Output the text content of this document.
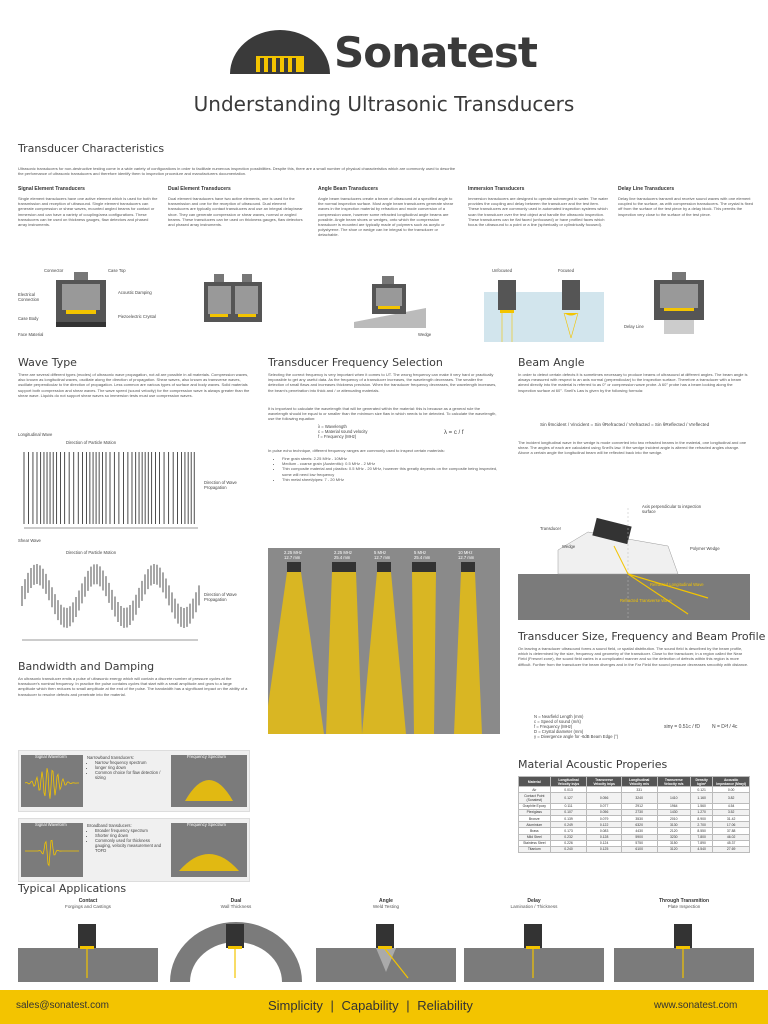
Sonatest
Understanding Ultrasonic Transducers
Transducer Characteristics
Ultrasonic transducers for non-destructive testing come in a wide variety of configurations in order to facilitate numerous inspection possibilities. Despite this, there are a small number of physical characteristics which are commonly used to describe the performance of ultrasonic transducers and therefore identify them to inspection procedure and manufacturers documentation.
Connector	Case Top
Electrical Connection
Acoustic Damping
Case Body	Piezoelectric Crystal
Face Material	Wedge
Unfocused	Focused
Delay Line
Wave Type
There are several different types (modes) of ultrasonic wave propagation, not all are possible in all materials. Compression waves, also known as longitudinal waves, oscillate along the direction of propagation. Shear waves, also known as transverse waves, oscillate perpendicular to the direction of propagation. Less common are various types of surface and body waves. Solid materials support both compression and shear waves. The wave speed (sound velocity) for the compression wave is always greater than the shear wave. Liquids do not support shear waves so immersion tests must use compression waves.
Longitudinal Wave
Direction of Particle Motion
Direction of Wave Propagation
Shear Wave
Direction of Particle Motion
Direction of Wave Propagation
Bandwidth and Damping
An ultrasonic transducer emits a pulse of ultrasonic energy which will contain a discrete number of pressure cycles at the transducer's nominal frequency. In practice the pulse contains cycles that start with a small amplitude and grow to a large amplitude which then reduces to small amplitude at the end of the pulse. The bandwidth has a significant impact on the ability of a transducer to resolve defects and penetrate into the material.
Signal Waveform	Narrowband transducers:
• Narrow frequency spectrum
• longer ring down
• Common choice for flaw detection / sizing
Frequency Spectrum
Signal Waveform	Broadband transducers:
• Broader frequency spectrum
• Shorter ring down
• Commonly used for thickness gauging, velocity measurement and TOFD
Frequency Spectrum
Transducer Frequency Selection
Selecting the correct frequency is very important when it comes to UT. The wrong frequency can make it very hard or practically impossible to get any useful data. As the frequency of a transducer increases, the wavelength decreases. The smaller the detection of small flaws and increases thickness precision. When the transducer frequency decreases, the wavelength increases, the beam's penetration into thick and / or attenuating materials.
It is important to calculate the wavelength that will be generated within the material: this is because as a general rule the wavelength should be equal to or smaller than the minimum size flaw in which needs to be detected. To calculate the wavelength, use the following equation:
λ = Wavelength
c = Material sound velocity
f = Frequency (MHz)
λ = c / f
In pulse echo technique, different frequency ranges are commonly used to inspect certain materials:
• Fine grain steels: 2.25 MHz - 10MHz
• Medium - coarse grain (Austenitic): 0.5 MHz - 2 MHz
• Thin composite material and plastics: 0.5 MHz - 20 MHz, however this greatly depends on the composite being inspected, some will need low frequency
• Thin metal sheet/pipes: 7 - 20 MHz
2.25 MHz
12.7 mm
2.25 MHz
25.4 mm
5 MHz
12.7 mm
5 MHz
25.4 mm
10 MHz
12.7 mm
Beam Angle
In order to detect certain defects it is sometimes necessary to produce beams of ultrasound at different angles. The beam angle is always measured with respect to an axis normal (perpendicular) to the inspection surface. Therefore a transducer with a beam aimed directly into the material is referred to as 0° or compression wave probe. A 60° probe has a beam looking along the inspection surface at 60°. Snell's Law is given by the following formula:
Sin θIncident / Vincident = Sin θRefracted / Vrefracted = Sin θReflected / Vreflected
The incident longitudinal wave in the wedge is mode converted into two refracted beams in the material, one longitudinal and one shear. The angles of each are calculated using Snell's law. If the wedge incident angle is altered the refracted angles change. Above a certain angle the longitudinal beam will be reflected back into the wedge.
Axis perpendicular to inspection surface
Transducer
Wedge	Polymer Wedge
Refracted Longitudinal Wave
Refracted Transverse Wave
Transducer Size, Frequency and Beam Profile
On leaving a transducer ultrasound forms a sound field, or spatial distribution. The sound field is described by the beam profile, which is determined by the size, frequency and geometry of the transducer. Close to the transducer, in a region called the Near Field (Fresnel zone), the sound field varies in a complicated manner and so the detection of defects within this region is more difficult. Further from the transducer the beam diverges and in the Far Field the sound pressure decreases smoothly with distance.
N = Nearfield Length (mm)
c = Speed of sound (m/s)
f = Frequency (MHz)
D = Crystal diameter (mm)
γ = Divergence angle for -6dB Beam Edge (°)
sinγ = 0.51c / fD N = D²f / 4c
Material Acoustic Properies
Material	Longitudinal Velocity in/µs	Transverse Velocity in/µs	Longitudinal Velocity m/s	Transverse Velocity m/s	Density kg/m³	Acoustic Impedance (Mrayl)
Air	0.013		331		0.121	0.00
Contact Point (Sonatest)	0.127	0.056	3240	1410	1.160	3.82
Graphite Epoxy	0.111	0.077	2912	1964	1.560	4.54
Plexiglass	0.107	0.056	2730	1430	1.270	3.52
Bronze	0.139	0.079	3530	2010	8.900	31.42
Aluminium	0.249	0.122	6320	3130	2.700	17.06
Brass	0.173	0.083	4430	2120	8.550	37.88
Mild Steel	0.232	0.128	5900	3230	7.800	46.02
Stainless Steel	0.226	0.124	5750	3150	7.890	45.37
Titanium	0.240	0.125	6100	3120	4.540	27.69
Typical Applications
sales@sonatest.com	Simplicity | Capability | Reliability	www.sonatest.com
Signal Element Transducers
Single element transducers have one active element which is used for both the transmission and reception of ultrasound. Single element transducers can generate compression or shear waves, mounted angled beams for contact or immersion and can have a variety of coupling/area configurations. These transducers can be used on thickness gauges, flaw detectors and phased array instruments.
Dual Element Transducers
Dual element transducers have two active elements, one is used for the transmission and one for the reception of ultrasound. Dual element transducers are typically contact transducers and use an integral delay/wear shoe. They can generate compression or shear waves, normal or angled beams. These transducers can be used on thickness gauges, flaw detectors and phased array instruments.
Angle Beam Transducers
Angle beam transducers create a beam of ultrasound at a specified angle to the normal inspection surface. Most angle beam transducers generate shear waves in the inspection material by refraction and mode conversion of a compression wave, however some refracted longitudinal angle beams are possible. Angle beam shoes or wedges, onto which the compression transducer is mounted are typically made of polymers such as acrylic or polystyrene. The shoe or wedge can be integral to the transducer or detachable.
Immersion Transducers
Immersion transducers are designed to operate submerged in water. The water provides the coupling and delay between the transducer and the test item. These transducers are commonly used in automated inspection systems which scan the transducer over the test object and handle the ultrasonic inspection. These transducers can be flat faced (unfocused) or have profiled faces which focus the ultrasound to a point or a line (spherically or cylindrically focused).
Delay Line Transducers
Delay line transducers transmit and receive sound waves with one element coupled to the surface, as with compression transducers. The crystal is fixed off from the surface of the test piece by a delay block. This permits the inspection very close to the surface of the test piece.
Contact
Forgings and Castings
Dual
Wall Thickness
Angle
Weld Testing
Delay
Lamination / Thickness
Through Transmition
Plate Inspection
